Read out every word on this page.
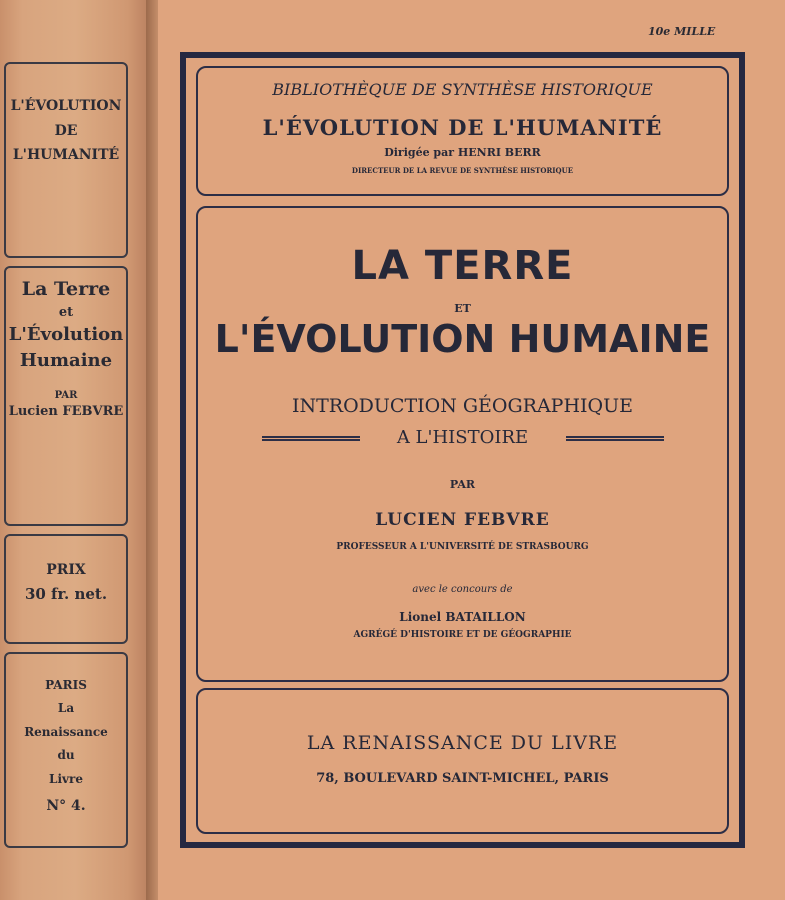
L'ÉVOLUTION
DE
L'HUMANITÉ
La Terre
et
L'Évolution
Humaine
PAR
Lucien FEBVRE
PRIX
30 fr. net.
PARIS
La
Renaissance
du
Livre
N° 4.
10e MILLE
BIBLIOTHÈQUE DE SYNTHÈSE HISTORIQUE
L'ÉVOLUTION DE L'HUMANITÉ
Dirigée par HENRI BERR
DIRECTEUR DE LA REVUE DE SYNTHÈSE HISTORIQUE
LA TERRE
ET
L'ÉVOLUTION HUMAINE
INTRODUCTION GÉOGRAPHIQUE
A L'HISTOIRE
PAR
LUCIEN FEBVRE
PROFESSEUR A L'UNIVERSITÉ DE STRASBOURG
avec le concours de
Lionel BATAILLON
AGRÉGÉ D'HISTOIRE ET DE GÉOGRAPHIE
LA RENAISSANCE DU LIVRE
78, BOULEVARD SAINT-MICHEL, PARIS
